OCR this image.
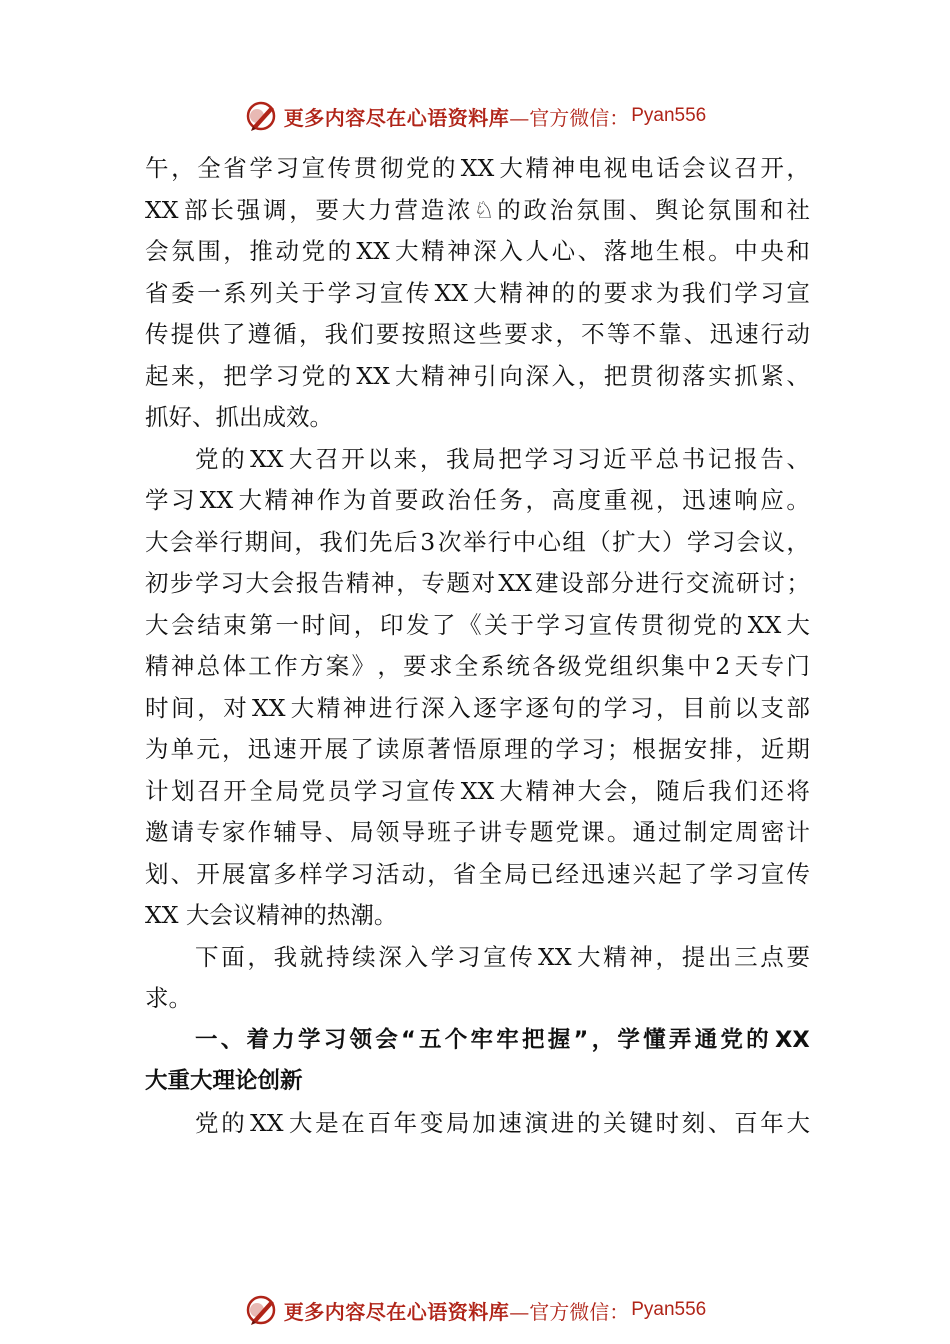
更多内容尽在心语资料库 —官方微信： Pyan556
午 ， 全 省 学 习 宣 传 贯 彻 党 的 XX 大 精 神 电 视 电 话 会 议 召 开 ，
XX 部 长 强 调 ， 要 大 力 营 造 浓 ♘ 的 政 治 氛 围 、 舆 论 氛 围 和 社
会 氛 围 ， 推 动 党 的 XX 大 精 神 深 入 人 心 、 落 地 生 根 。 中 央 和
省 委 一 系 列 关 于 学 习 宣 传 XX 大 精 神 的 的 要 求 为 我 们 学 习 宣
传 提 供 了 遵 循 ， 我 们 要 按 照 这 些 要 求 ， 不 等 不 靠 、 迅 速 行 动
起 来 ， 把 学 习 党 的 XX 大 精 神 引 向 深 入 ， 把 贯 彻 落 实 抓 紧 、
抓好、抓出成效。
党 的 XX 大 召 开 以 来 ， 我 局 把 学 习 习 近 平 总 书 记 报 告 、
学 习 XX 大 精 神 作 为 首 要 政 治 任 务 ， 高 度 重 视 ， 迅 速 响 应 。
大 会 举 行 期 间 ， 我 们 先 后 3 次 举 行 中 心 组 （ 扩 大 ） 学 习 会 议 ，
初 步 学 习 大 会 报 告 精 神 ， 专 题 对 XX 建 设 部 分 进 行 交 流 研 讨 ；
大 会 结 束 第 一 时 间 ， 印 发 了 《 关 于 学 习 宣 传 贯 彻 党 的 XX 大
精 神 总 体 工 作 方 案 》 ， 要 求 全 系 统 各 级 党 组 织 集 中 2 天 专 门
时 间 ， 对 XX 大 精 神 进 行 深 入 逐 字 逐 句 的 学 习 ， 目 前 以 支 部
为 单 元 ， 迅 速 开 展 了 读 原 著 悟 原 理 的 学 习 ； 根 据 安 排 ， 近 期
计 划 召 开 全 局 党 员 学 习 宣 传 XX 大 精 神 大 会 ， 随 后 我 们 还 将
邀 请 专 家 作 辅 导 、 局 领 导 班 子 讲 专 题 党 课 。 通 过 制 定 周 密 计
划 、 开 展 富 多 样 学 习 活 动 ， 省 全 局 已 经 迅 速 兴 起 了 学 习 宣 传
XX 大会议精神的热潮。
下 面 ， 我 就 持 续 深 入 学 习 宣 传 XX 大 精 神 ， 提 出 三 点 要
求。
一 、 着 力 学 习 领 会 “ 五 个 牢 牢 把 握 ” ， 学 懂 弄 通 党 的 XX
大重大理论创新
党 的 XX 大 是 在 百 年 变 局 加 速 演 进 的 关 键 时 刻 、 百 年 大
更多内容尽在心语资料库 —官方微信： Pyan556
